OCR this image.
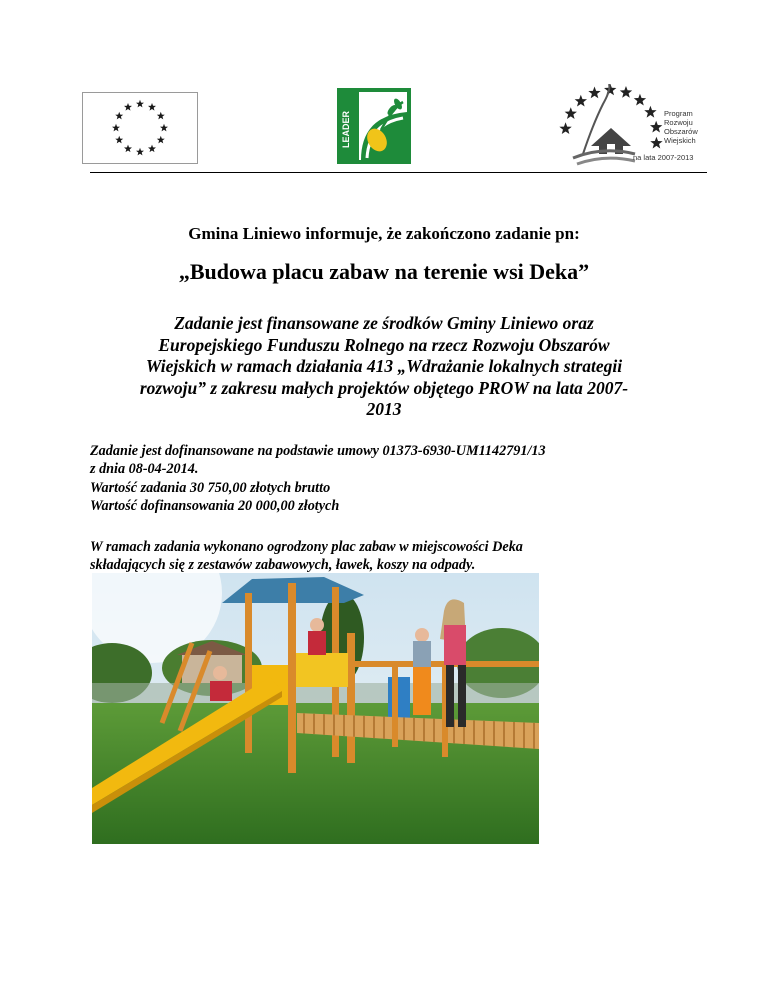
LEADER	Program
Rozwoju
Obszarów
Wiejskich
na lata 2007-2013

Gmina Liniewo informuje, że zakończono zadanie pn:

„Budowa placu zabaw na terenie wsi Deka”

Zadanie jest finansowane ze środków Gminy Liniewo oraz
Europejskiego Funduszu Rolnego na rzecz Rozwoju Obszarów
Wiejskich w ramach działania 413 „Wdrażanie lokalnych strategii
rozwoju” z zakresu małych projektów objętego PROW na lata 2007-
2013
Zadanie jest dofinansowane na podstawie umowy 01373-6930-UM1142791/13
z dnia 08-04-2014.
Wartość zadania 30 750,00 złotych brutto
Wartość dofinansowania 20 000,00 złotych
W ramach zadania wykonano ogrodzony plac zabaw w miejscowości Deka
składających się z zestawów zabawowych, ławek, koszy na odpady.
